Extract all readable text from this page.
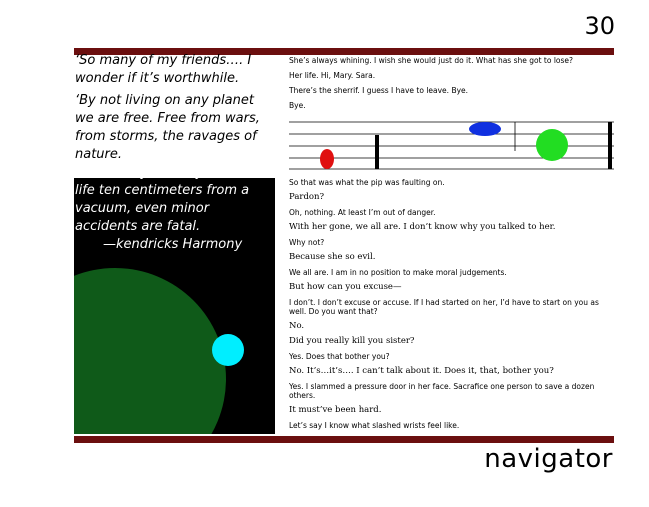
30

‘So many of my friends…. I wonder if it’s worthwhile.

‘By not living on any planet we are free. Free from wars, from storms, the ravages of nature.

But when you live your entire life ten centimeters from a vacuum, even minor accidents are fatal.

—kendricks Harmony

She’s always whining. I wish she would just do it. What has she got to lose?

Her life. Hi, Mary. Sara.

There’s the sherrif. I guess I have to leave. Bye.

Bye.

So that was what the pip was faulting on.

Pardon?

Oh, nothing. At least I’m out of danger.

With her gone, we all are. I don’t know why you talked to her.

Why not?

Because she so evil.

We all are. I am in no position to make moral judgements.

But how can you excuse—

I don’t. I don’t excuse or accuse. If I had started on her, I’d have to start on you as well. Do you want that?

No.

Did you really kill you sister?

Yes. Does that bother you?

No. It’s…it’s…. I can’t talk about it. Does it, that, bother you?

Yes. I slammed a pressure door in her face. Sacrafice one person to save a dozen others.

It must’ve been hard.

Let’s say I know what slashed wrists feel like.

navigator
